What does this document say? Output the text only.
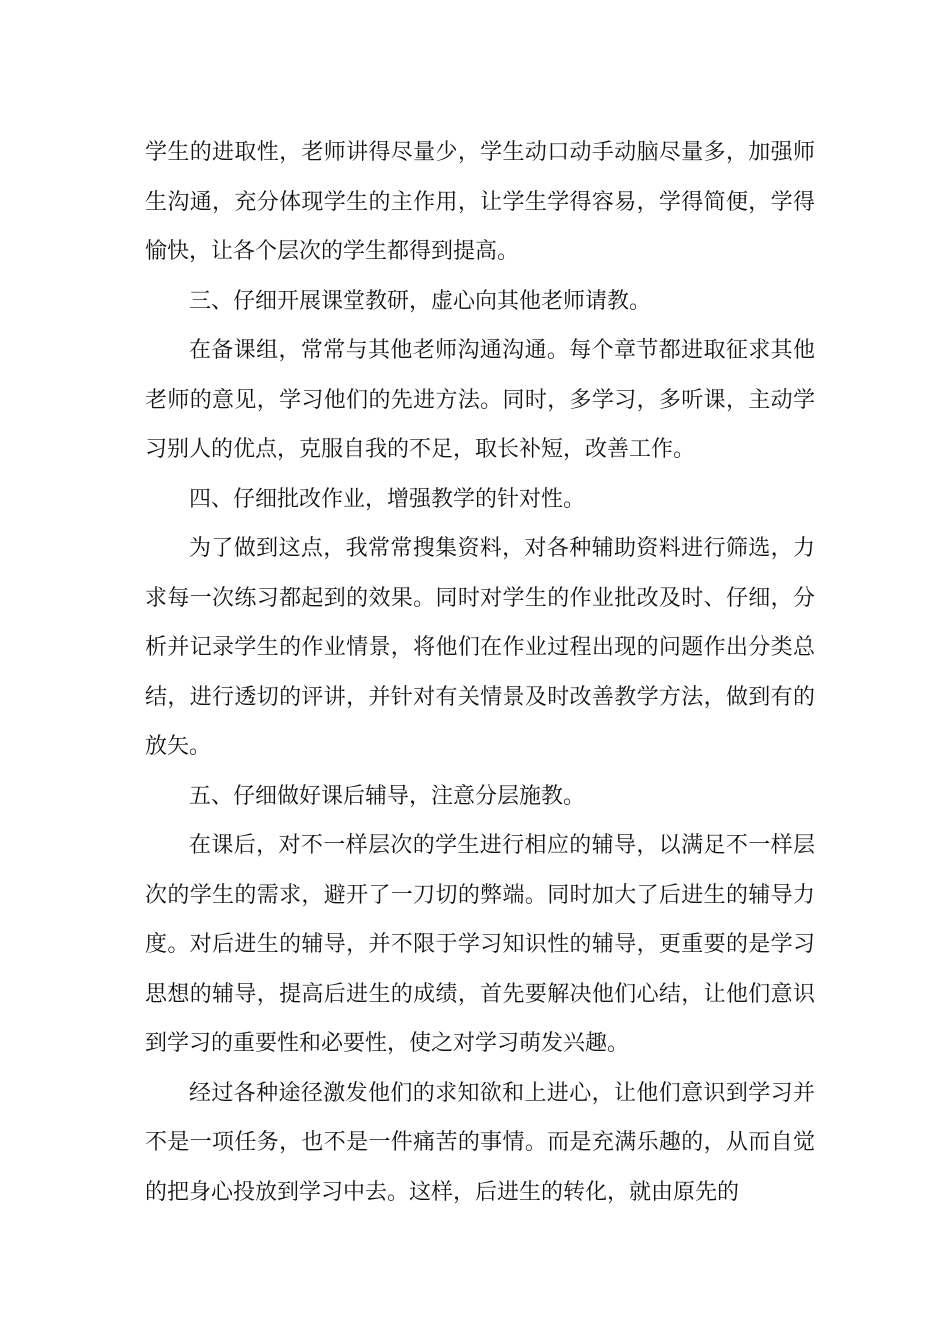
学生的进取性，老师讲得尽量少，学生动口动手动脑尽量多，加强师生沟通，充分体现学生的主作用，让学生学得容易，学得简便，学得愉快，让各个层次的学生都得到提高。

三、仔细开展课堂教研，虚心向其他老师请教。

在备课组，常常与其他老师沟通沟通。每个章节都进取征求其他老师的意见，学习他们的先进方法。同时，多学习，多听课，主动学习别人的优点，克服自我的不足，取长补短，改善工作。

四、仔细批改作业，增强教学的针对性。

为了做到这点，我常常搜集资料，对各种辅助资料进行筛选，力求每一次练习都起到的效果。同时对学生的作业批改及时、仔细，分析并记录学生的作业情景，将他们在作业过程出现的问题作出分类总结，进行透切的评讲，并针对有关情景及时改善教学方法，做到有的放矢。

五、仔细做好课后辅导，注意分层施教。

在课后，对不一样层次的学生进行相应的辅导，以满足不一样层次的学生的需求，避开了一刀切的弊端。同时加大了后进生的辅导力度。对后进生的辅导，并不限于学习知识性的辅导，更重要的是学习思想的辅导，提高后进生的成绩，首先要解决他们心结，让他们意识到学习的重要性和必要性，使之对学习萌发兴趣。

经过各种途径激发他们的求知欲和上进心，让他们意识到学习并不是一项任务，也不是一件痛苦的事情。而是充满乐趣的，从而自觉的把身心投放到学习中去。这样，后进生的转化，就由原先的
